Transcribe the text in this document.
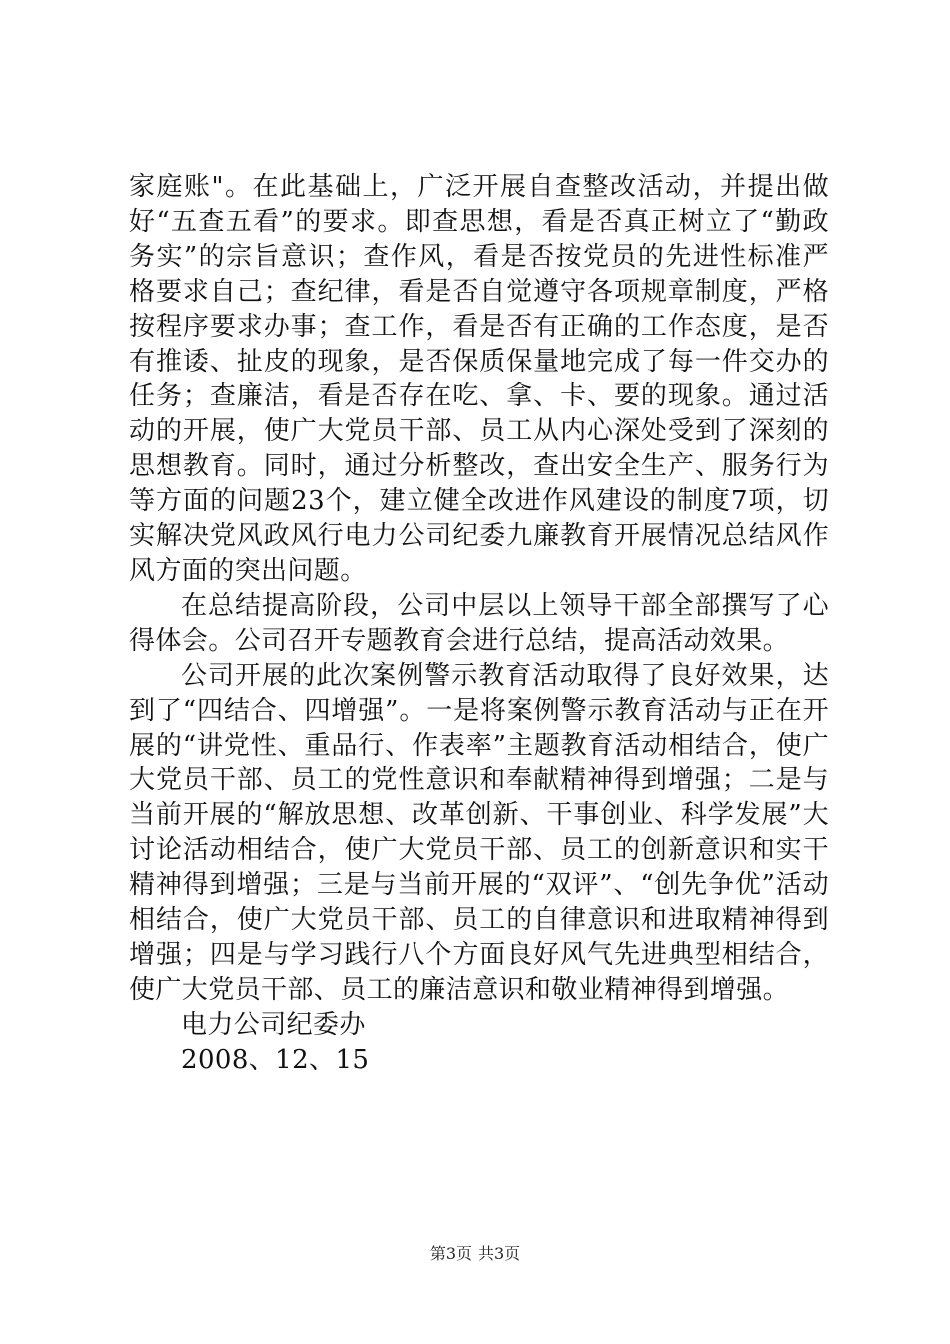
家庭账"。在此基础上，广泛开展自查整改活动，并提出做好“五查五看”的要求。即查思想，看是否真正树立了“勤政务实”的宗旨意识；查作风，看是否按党员的先进性标准严格要求自己；查纪律，看是否自觉遵守各项规章制度，严格按程序要求办事；查工作，看是否有正确的工作态度，是否有推诿、扯皮的现象，是否保质保量地完成了每一件交办的任务；查廉洁，看是否存在吃、拿、卡、要的现象。通过活动的开展，使广大党员干部、员工从内心深处受到了深刻的思想教育。同时，通过分析整改，查出安全生产、服务行为等方面的问题23个，建立健全改进作风建设的制度7项，切实解决党风政风行电力公司纪委九廉教育开展情况总结风作风方面的突出问题。

在总结提高阶段，公司中层以上领导干部全部撰写了心得体会。公司召开专题教育会进行总结，提高活动效果。

公司开展的此次案例警示教育活动取得了良好效果，达到了“四结合、四增强”。一是将案例警示教育活动与正在开展的“讲党性、重品行、作表率”主题教育活动相结合，使广大党员干部、员工的党性意识和奉献精神得到增强；二是与当前开展的“解放思想、改革创新、干事创业、科学发展”大讨论活动相结合，使广大党员干部、员工的创新意识和实干精神得到增强；三是与当前开展的“双评”、“创先争优”活动相结合，使广大党员干部、员工的自律意识和进取精神得到增强；四是与学习践行八个方面良好风气先进典型相结合，使广大党员干部、员工的廉洁意识和敬业精神得到增强。

电力公司纪委办

2008、12、15

第3页 共3页
